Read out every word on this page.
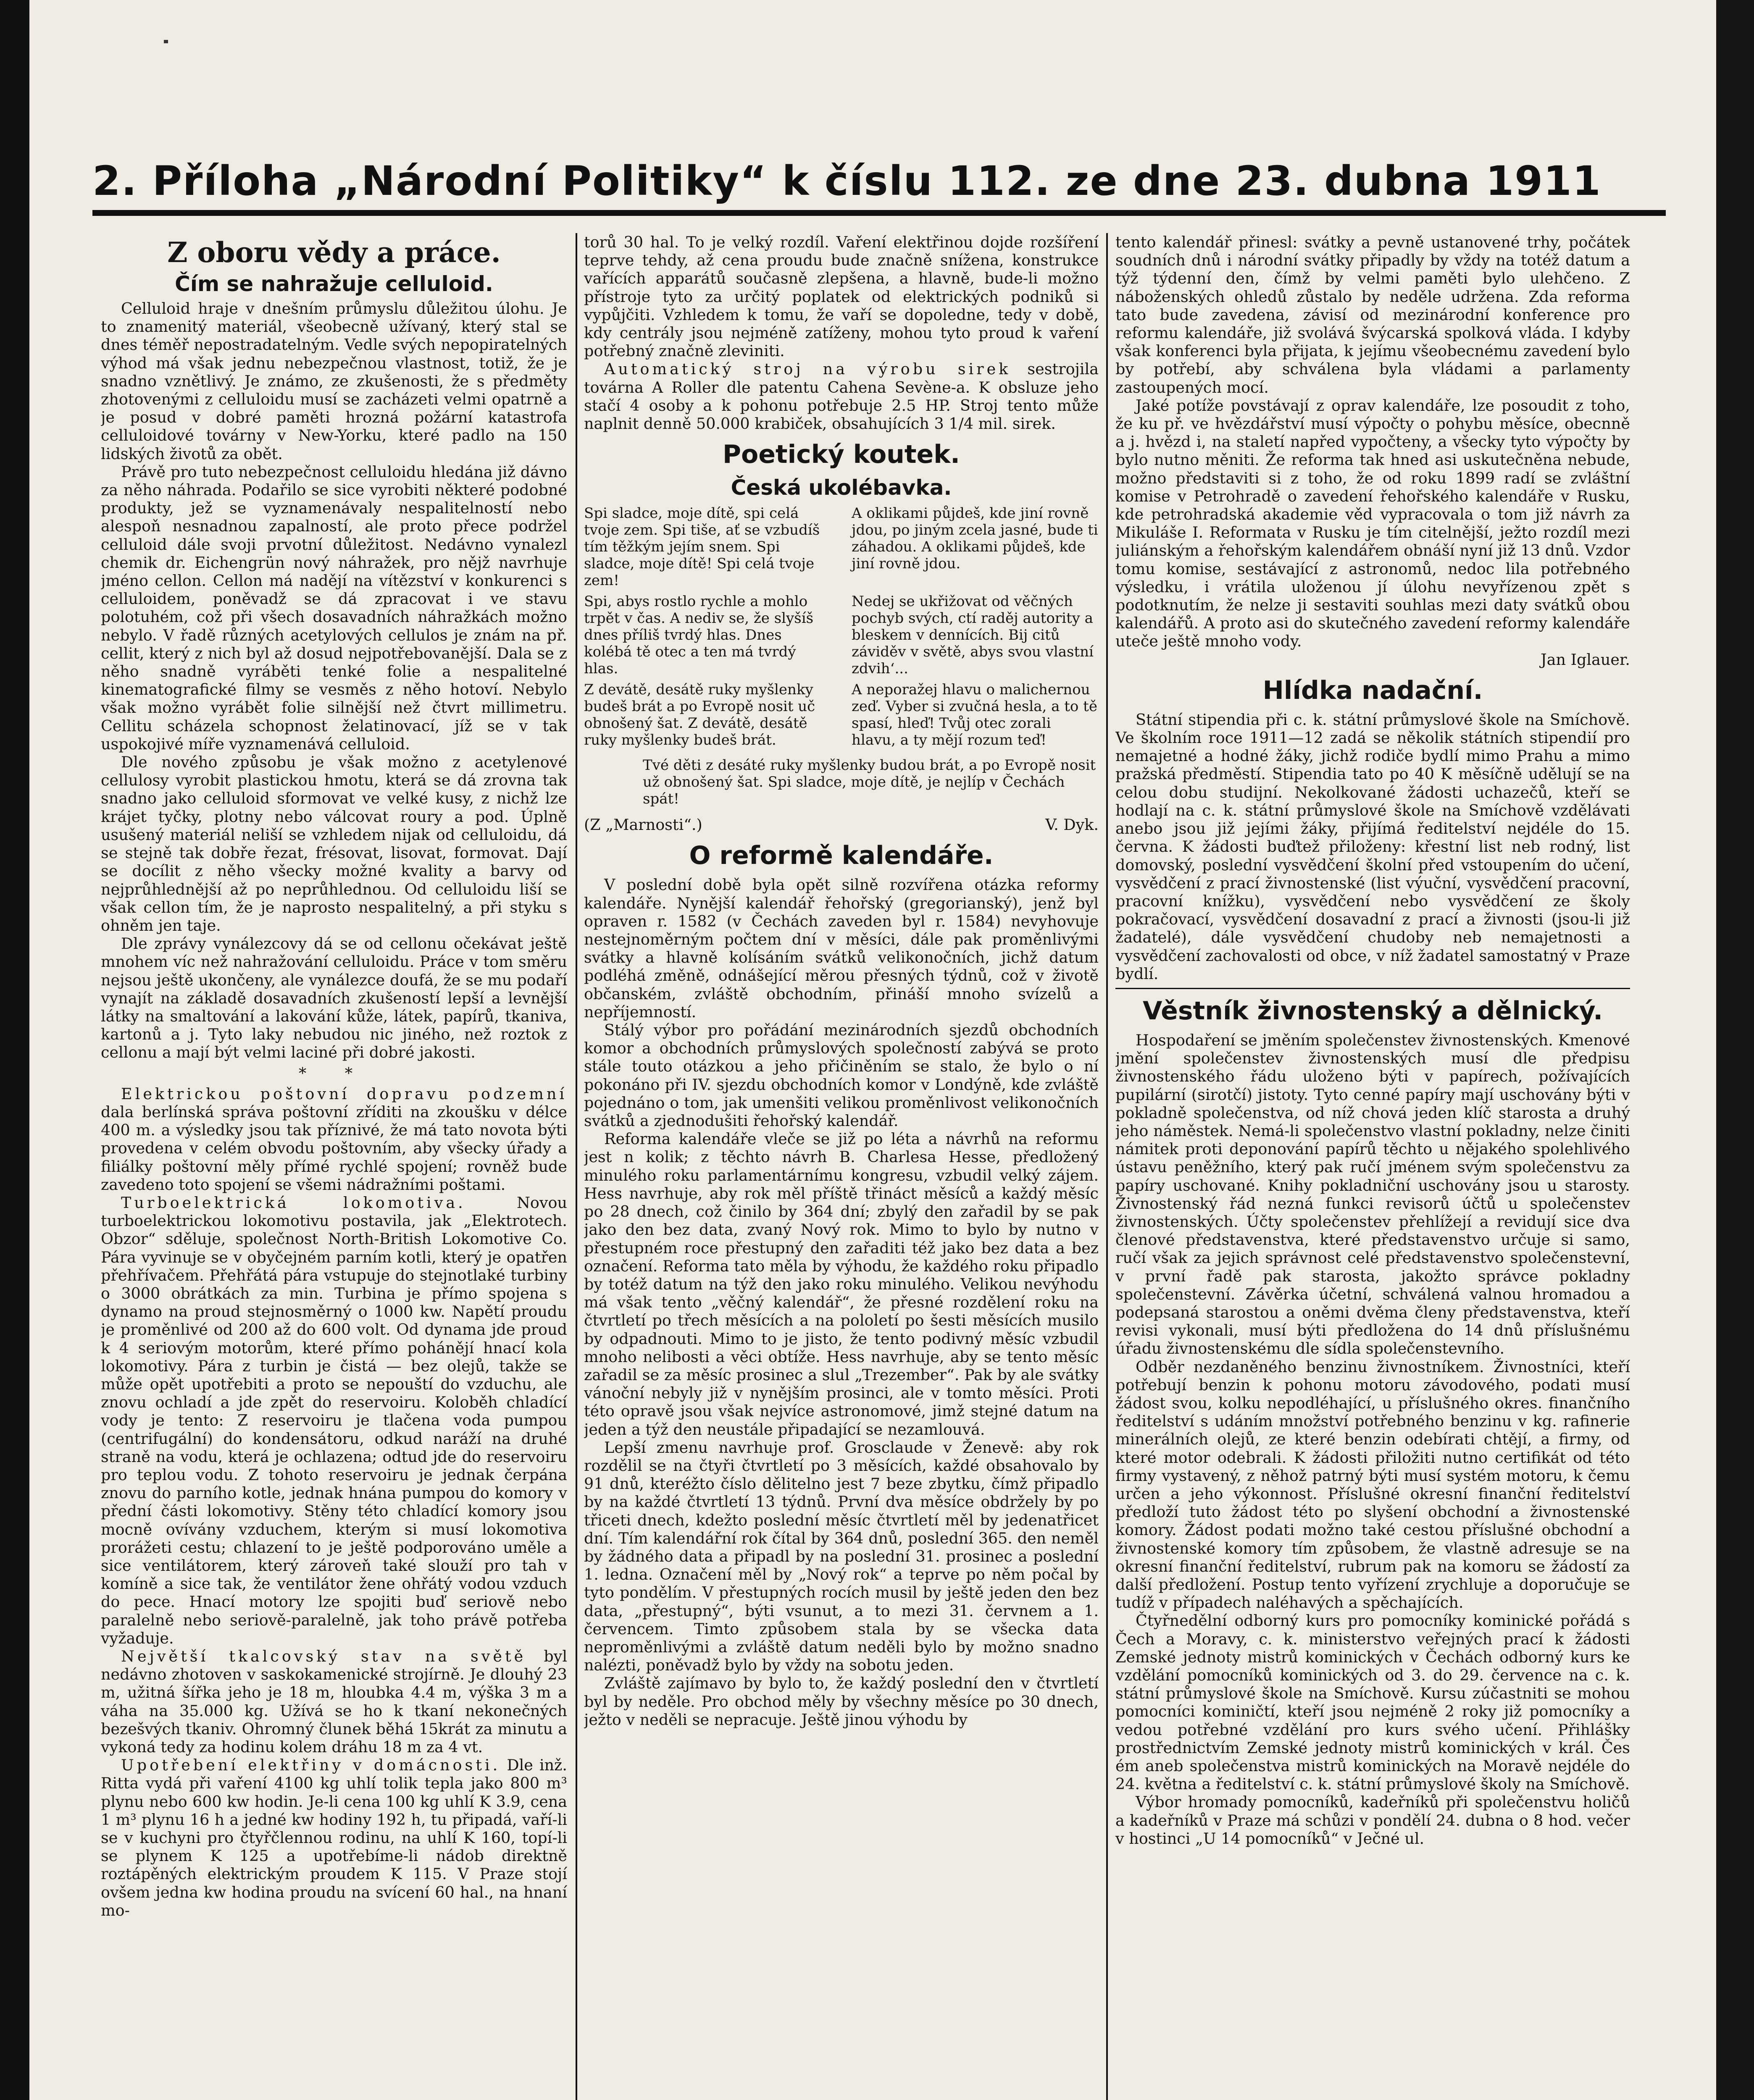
2. Příloha „Národní Politiky“ k číslu 112. ze dne 23. dubna 1911
Z oboru vědy a práce.
Čím se nahražuje celluloid.

Celluloid hraje v dnešním průmyslu důležitou úlohu. Je to znamenitý materiál, všeobecně užívaný, který stal se dnes téměř nepostradatelným. Vedle svých nepopiratelných výhod má však jednu nebezpečnou vlastnost, totiž, že je snadno vznětlivý. Je známo, ze zkušenosti, že s předměty zhotovenými z celluloidu musí se zacházeti velmi opatrně a je posud v dobré paměti hrozná požární katastrofa celluloidové továrny v New-Yorku, které padlo na 150 lidských životů za obět.

Právě pro tuto nebezpečnost celluloidu hledána již dávno za něho náhrada. Podařilo se sice vyrobiti některé podobné produkty, jež se vyznamenávaly nespalitelností nebo alespoň nesnadnou zapalností, ale proto přece podržel celluloid dále svoji prvotní důležitost. Nedávno vynalezl chemik dr. Eichengrün nový náhražek, pro nějž navrhuje jméno cellon. Cellon má nadějí na vítězství v konkurenci s celluloidem, poněvadž se dá zpracovat i ve stavu polotuhém, což při všech dosavadních náhražkách možno nebylo. V řadě různých acetylových cellulos je znám na př. cellit, který z nich byl až dosud nejpotřebovanější. Dala se z něho snadně vyráběti tenké folie a nespalitelné kinematografické filmy se vesměs z něho hotoví. Nebylo však možno vyrábět folie silnější než čtvrt millimetru. Cellitu scházela schopnost želatinovací, jíž se v tak uspokojivé míře vyznamenává celluloid.

Dle nového způsobu je však možno z acetylenové cellulosy vyrobit plastickou hmotu, která se dá zrovna tak snadno jako celluloid sformovat ve velké kusy, z nichž lze krájet tyčky, plotny nebo válcovat roury a pod. Úplně usušený materiál neliší se vzhledem nijak od celluloidu, dá se stejně tak dobře řezat, frésovat, lisovat, formovat. Dají se docílit z něho všecky možné kvality a barvy od nejprůhlednější až po neprůhlednou. Od celluloidu liší se však cellon tím, že je naprosto nespalitelný, a při styku s ohněm jen taje.

Dle zprávy vynálezcovy dá se od cellonu očekávat ještě mnohem víc než nahražování celluloidu. Práce v tom směru nejsou ještě ukončeny, ale vynálezce doufá, že se mu podaří vynajít na základě dosavadních zkušeností lepší a levnější látky na smaltování a lakování kůže, látek, papírů, tkaniva, kartonů a j. Tyto laky nebudou nic jiného, než roztok z cellonu a mají být velmi laciné při dobré jakosti.

* *

Elektrickou poštovní dopravu podzemní dala berlínská správa poštovní zříditi na zkoušku v délce 400 m. a výsledky jsou tak příznivé, že má tato novota býti provedena v celém obvodu poštovním, aby všecky úřady a filiálky poštovní měly přímé rychlé spojení; rovněž bude zavedeno toto spojení se všemi nádražními poštami.

Turboelektrická lokomotiva.	Novou turboelektrickou lokomotivu postavila, jak „Elektrotech. Obzor“ sděluje, společnost North-British Lokomotive Co. Pára vyvinuje se v obyčejném parním kotli, který je opatřen přehřívačem. Přehřátá pára vstupuje do stejnotlaké turbiny o 3000 obrátkách za min. Turbina je přímo spojena s dynamo na proud stejnosměrný o 1000 kw. Napětí proudu je proměnlivé od 200 až do 600 volt. Od dynama jde proud k 4 seriovým motorům, které přímo pohánějí hnací kola lokomotivy. Pára z turbin je čistá — bez olejů, takže se může opět upotřebiti a proto se nepouští do vzduchu, ale znovu ochladí a jde zpět do reservoiru. Koloběh chladící vody je tento: Z reservoiru je tlačena voda pumpou (centrifugální) do kondensátoru, odkud naráží na druhé straně na vodu, která je ochlazena; odtud jde do reservoiru pro teplou vodu. Z tohoto reservoiru je jednak čerpána znovu do parního kotle, jednak hnána pumpou do komory v přední části lokomotivy. Stěny této chladící komory jsou mocně ovívány vzduchem, kterým si musí lokomotiva prorážeti cestu; chlazení to je ještě podporováno uměle a sice ventilátorem, který zároveň také slouží pro tah v komíně a sice tak, že ventilátor žene ohřátý vodou vzduch do pece. Hnací motory lze spojiti buď seriově nebo paralelně nebo seriově-paralelně, jak toho právě potřeba vyžaduje.

Největší tkalcovský stav na světě byl nedávno zhotoven v saskokamenické strojírně. Je dlouhý 23 m, užitná šířka jeho je 18 m, hloubka 4.4 m, výška 3 m a váha na 35.000 kg. Užívá se ho k tkaní nekonečných bezešvých tkaniv. Ohromný člunek běhá 15krát za minutu a vykoná tedy za hodinu kolem dráhu 18 m za 4 vt.

Upotřebení elektřiny v domácnosti. Dle inž. Ritta vydá při vaření 4100 kg uhlí tolik tepla jako 800 m³ plynu nebo 600 kw hodin. Je-li cena 100 kg uhlí K 3.9, cena 1 m³ plynu 16 h a jedné kw hodiny 192 h, tu připadá, vaří-li se v kuchyni pro čtyřčlennou rodinu, na uhlí K 160, topí-li se plynem K 125 a upotřebíme-li nádob direktně roztápěných elektrickým proudem K 115. V Praze stojí ovšem jedna kw hodina proudu na svícení 60 hal., na hnaní mo-

torů 30 hal. To je velký rozdíl. Vaření elektřinou dojde rozšíření teprve tehdy, až cena proudu bude značně snížena, konstrukce vařících apparátů současně zlepšena, a hlavně, bude-li možno přístroje tyto za určitý poplatek od elektrických podniků si vypůjčiti. Vzhledem k tomu, že vaří se dopoledne, tedy v době, kdy centrály jsou nejméně zatíženy, mohou tyto proud k vaření potřebný značně zleviniti.

Automatický stroj na výrobu sirek sestrojila továrna A Roller dle patentu Cahena Sevène-a. K obsluze jeho stačí 4 osoby a k pohonu potřebuje 2.5 HP. Stroj tento může naplnit denně 50.000 krabiček, obsahujících 3 1/4 mil. sirek.

Poetický koutek.
Česká ukolébavka.
Spi sladce, moje dítě, spi celá tvoje zem. Spi tiše, ať se vzbudíš tím těžkým jejím snem. Spi sladce, moje dítě! Spi celá tvoje zem!
A oklikami půjdeš, kde jiní rovně jdou, po jiným zcela jasné, bude ti záhadou. A oklikami půjdeš, kde jiní rovně jdou.
Spi, abys rostlo rychle a mohlo trpět v čas. A nediv se, že slyšíš dnes příliš tvrdý hlas. Dnes kolébá tě otec a ten má tvrdý hlas.
Nedej se ukřižovat od věčných pochyb svých, ctí raděj autority a bleskem v dennících. Bij citů záviděv v světě, abys svou vlastní zdvih‘...
Z devátě, desátě ruky myšlenky budeš brát a po Evropě nosit uč obnošený šat. Z devátě, desátě ruky myšlenky budeš brát.
A neporažej hlavu o malichernou zeď. Vyber si zvučná hesla, a to tě spasí, hleď! Tvůj otec zorali hlavu, a ty mějí rozum teď!
Tvé děti z desáté ruky myšlenky budou brát, a po Evropě nosit už obnošený šat. Spi sladce, moje dítě, je nejlíp v Čechách spát!
(Z „Marnosti“.)	V. Dyk.
O reformě kalendáře.

V poslední době byla opět silně rozvířena otázka reformy kalendáře. Nynější kalendář řehořský (gregorianský), jenž byl opraven r. 1582 (v Čechách zaveden byl r. 1584) nevyhovuje nestejnoměrným počtem dní v měsíci, dále pak proměnlivými svátky a hlavně kolísáním svátků velikonočních, jichž datum podléhá změně, odnášející měrou přesných týdnů, což v životě občanském, zvláště obchodním, přináší mnoho svízelů a nepříjemností.

Stálý výbor pro pořádání mezinárodních sjezdů obchodních komor a obchodních průmyslových společností zabývá se proto stále touto otázkou a jeho přičiněním se stalo, že bylo o ní pokonáno při IV. sjezdu obchodních komor v Londýně, kde zvláště pojednáno o tom, jak umenšiti velikou proměnlivost velikonočních svátků a zjednodušiti řehořský kalendář.

Reforma kalendáře vleče se již po léta a návrhů na reformu jest n kolik; z těchto návrh B. Charlesa Hesse, předložený minulého roku parlamentárnímu kongresu, vzbudil velký zájem. Hess navrhuje, aby rok měl příště třináct měsíců a každý měsíc po 28 dnech, což činilo by 364 dní; zbylý den zařadil by se pak jako den bez data, zvaný Nový rok. Mimo to bylo by nutno v přestupném roce přestupný den zařaditi též jako bez data a bez označení. Reforma tato měla by výhodu, že každého roku připadlo by totéž datum na týž den jako roku minulého. Velikou nevýhodu má však tento „věčný kalendář“, že přesné rozdělení roku na čtvrtletí po třech měsících a na pololetí po šesti měsících musilo by odpadnouti. Mimo to je jisto, že tento podivný měsíc vzbudil mnoho nelibosti a věci obtíže. Hess navrhuje, aby se tento měsíc zařadil se za měsíc prosinec a slul „Trezember“. Pak by ale svátky vánoční nebyly již v nynějším prosinci, ale v tomto měsíci. Proti této opravě jsou však nejvíce astronomové, jimž stejné datum na jeden a týž den neustále připadající se nezamlouvá.

Lepší zmenu navrhuje prof. Grosclaude v Ženevě: aby rok rozdělil se na čtyři čtvrtletí po 3 měsících, každé obsahovalo by 91 dnů, kteréžto číslo dělitelno jest 7 beze zbytku, čímž připadlo by na každé čtvrtletí 13 týdnů. První dva měsíce obdržely by po třiceti dnech, kdežto poslední měsíc čtvrtletí měl by jedenatřicet dní. Tím kalendářní rok čítal by 364 dnů, poslední 365. den neměl by žádného data a připadl by na poslední 31. prosinec a poslední 1. ledna. Označení měl by „Nový rok“ a teprve po něm počal by tyto pondělím. V přestupných rocích musil by ještě jeden den bez data, „přestupný“, býti vsunut, a to mezi 31. červnem a 1. červencem. Timto způsobem stala by se všecka data neproměnlivými a zvláště datum neděli bylo by možno snadno nalézti, poněvadž bylo by vždy na sobotu jeden.

Zvláště zajímavo by bylo to, že každý poslední den v čtvrtletí byl by neděle. Pro obchod měly by všechny měsíce po 30 dnech, ježto v neděli se nepracuje. Ještě jinou výhodu by

tento kalendář přinesl: svátky a pevně ustanovené trhy, počátek soudních dnů i národní svátky připadly by vždy na totéž datum a týž týdenní den, čímž by velmi paměti bylo ulehčeno. Z náboženských ohledů zůstalo by neděle udržena. Zda reforma tato bude zavedena, závisí od mezinárodní konference pro reformu kalendáře, již svolává švýcarská spolková vláda. I kdyby však konferenci byla přijata, k jejímu všeobecnému zavedení bylo by potřebí, aby schválena byla vládami a parlamenty zastoupených mocí.

Jaké potíže povstávají z oprav kalendáře, lze posoudit z toho, že ku př. ve hvězdářství musí výpočty o pohybu měsíce, obecnně a j. hvězd i, na staletí napřed vypočteny, a všecky tyto výpočty by bylo nutno měniti. Že reforma tak hned asi uskutečněna nebude, možno představiti si z toho, že od roku 1899 radí se zvláštní komise v Petrohradě o zavedení řehořského kalendáře v Rusku, kde petrohradská akademie věd vypracovala o tom již návrh za Mikuláše I. Reformata v Rusku je tím citelnější, ježto rozdíl mezi juliánským a řehořským kalendářem obnáší nyní již 13 dnů. Vzdor tomu komise, sestávající z astronomů, nedoc lila potřebného výsledku, i vrátila uloženou jí úlohu nevyřízenou zpět s podotknutím, že nelze ji sestaviti souhlas mezi daty svátků obou kalendářů. A proto asi do skutečného zavedení reformy kalendáře uteče ještě mnoho vody.

Jan Iglauer.
Hlídka nadační.

Státní stipendia při c. k. státní průmyslové škole na Smíchově. Ve školním roce 1911—12 zadá se několik státních stipendií pro nemajetné a hodné žáky, jichž rodiče bydlí mimo Prahu a mimo pražská předměstí. Stipendia tato po 40 K měsíčně udělují se na celou dobu studijní. Nekolkované žádosti uchazečů, kteří se hodlají na c. k. státní průmyslové škole na Smíchově vzdělávati anebo jsou již jejími žáky, přijímá ředitelství nejdéle do 15. června. K žádosti buďtež přiloženy: křestní list neb rodný, list domovský, poslední vysvědčení školní před vstoupením do učení, vysvědčení z prací živnostenské (list výuční, vysvědčení pracovní, pracovní knížku), vysvědčení nebo vysvědčení ze školy pokračovací, vysvědčení dosavadní z prací a živnosti (jsou-li již žadatelé), dále vysvědčení chudoby neb nemajetnosti a vysvědčení zachovalosti od obce, v níž žadatel samostatný v Praze bydlí.

Věstník živnostenský a dělnický.

Hospodaření se jměním společenstev živnostenských. Kmenové jmění společenstev živnostenských musí dle předpisu živnostenského řádu uloženo býti v papírech, požívajících pupilární (sirotčí) jistoty. Tyto cenné papíry mají uschovány býti v pokladně společenstva, od níž chová jeden klíč starosta a druhý jeho náměstek. Nemá-li společenstvo vlastní pokladny, nelze činiti námitek proti deponování papírů těchto u nějakého spolehlivého ústavu peněžního, který pak ručí jménem svým společenstvu za papíry uschované. Knihy pokladniční uschovány jsou u starosty. Živnostenský řád nezná funkci revisorů účtů u společenstev živnostenských. Účty společenstev přehlížejí a revidují sice dva členové představenstva, které představenstvo určuje si samo, ručí však za jejich správnost celé představenstvo společenstevní, v první řadě pak starosta, jakožto správce pokladny společenstevní. Závěrka účetní, schválená valnou hromadou a podepsaná starostou a oněmi dvěma členy představenstva, kteří revisi vykonali, musí býti předložena do 14 dnů příslušnému úřadu živnostenskému dle sídla společenstevního.

Odběr nezdaněného benzinu živnostníkem. Živnostníci, kteří potřebují benzin k pohonu motoru závodového, podati musí žádost svou, kolku nepodléhající, u příslušného okres. finančního ředitelství s udáním množství potřebného benzinu v kg. rafinerie minerálních olejů, ze které benzin odebírati chtějí, a firmy, od které motor odebrali. K žádosti přiložiti nutno certifikát od této firmy vystavený, z něhož patrný býti musí systém motoru, k čemu určen a jeho výkonnost. Příslušné okresní finanční ředitelství předloží tuto žádost této po slyšení obchodní a živnostenské komory. Žádost podati možno také cestou příslušné obchodní a živnostenské komory tím způsobem, že vlastně adresuje se na okresní finanční ředitelství, rubrum pak na komoru se žádostí za další předložení. Postup tento vyřízení zrychluje a doporučuje se tudíž v případech naléhavých a spěchajících.

Čtyřnedělní odborný kurs pro pomocníky kominické pořádá s Čech a Moravy, c. k. ministerstvo veřejných prací k žádosti Zemské jednoty mistrů kominických v Čechách odborný kurs ke vzdělání pomocníků kominických od 3. do 29. července na c. k. státní průmyslové škole na Smíchově. Kursu zúčastniti se mohou pomocníci kominičtí, kteří jsou nejméně 2 roky již pomocníky a vedou potřebné vzdělání pro kurs svého učení. Přihlášky prostřednictvím Zemské jednoty mistrů kominických v král. Čes ém aneb společenstva mistrů kominických na Moravě nejdéle do 24. května a ředitelství c. k. státní průmyslové školy na Smíchově.

Výbor hromady pomocníků, kadeřníků při společenstvu holičů a kadeřníků v Praze má schůzi v pondělí 24. dubna o 8 hod. večer v hostinci „U 14 pomocníků“ v Ječné ul.
